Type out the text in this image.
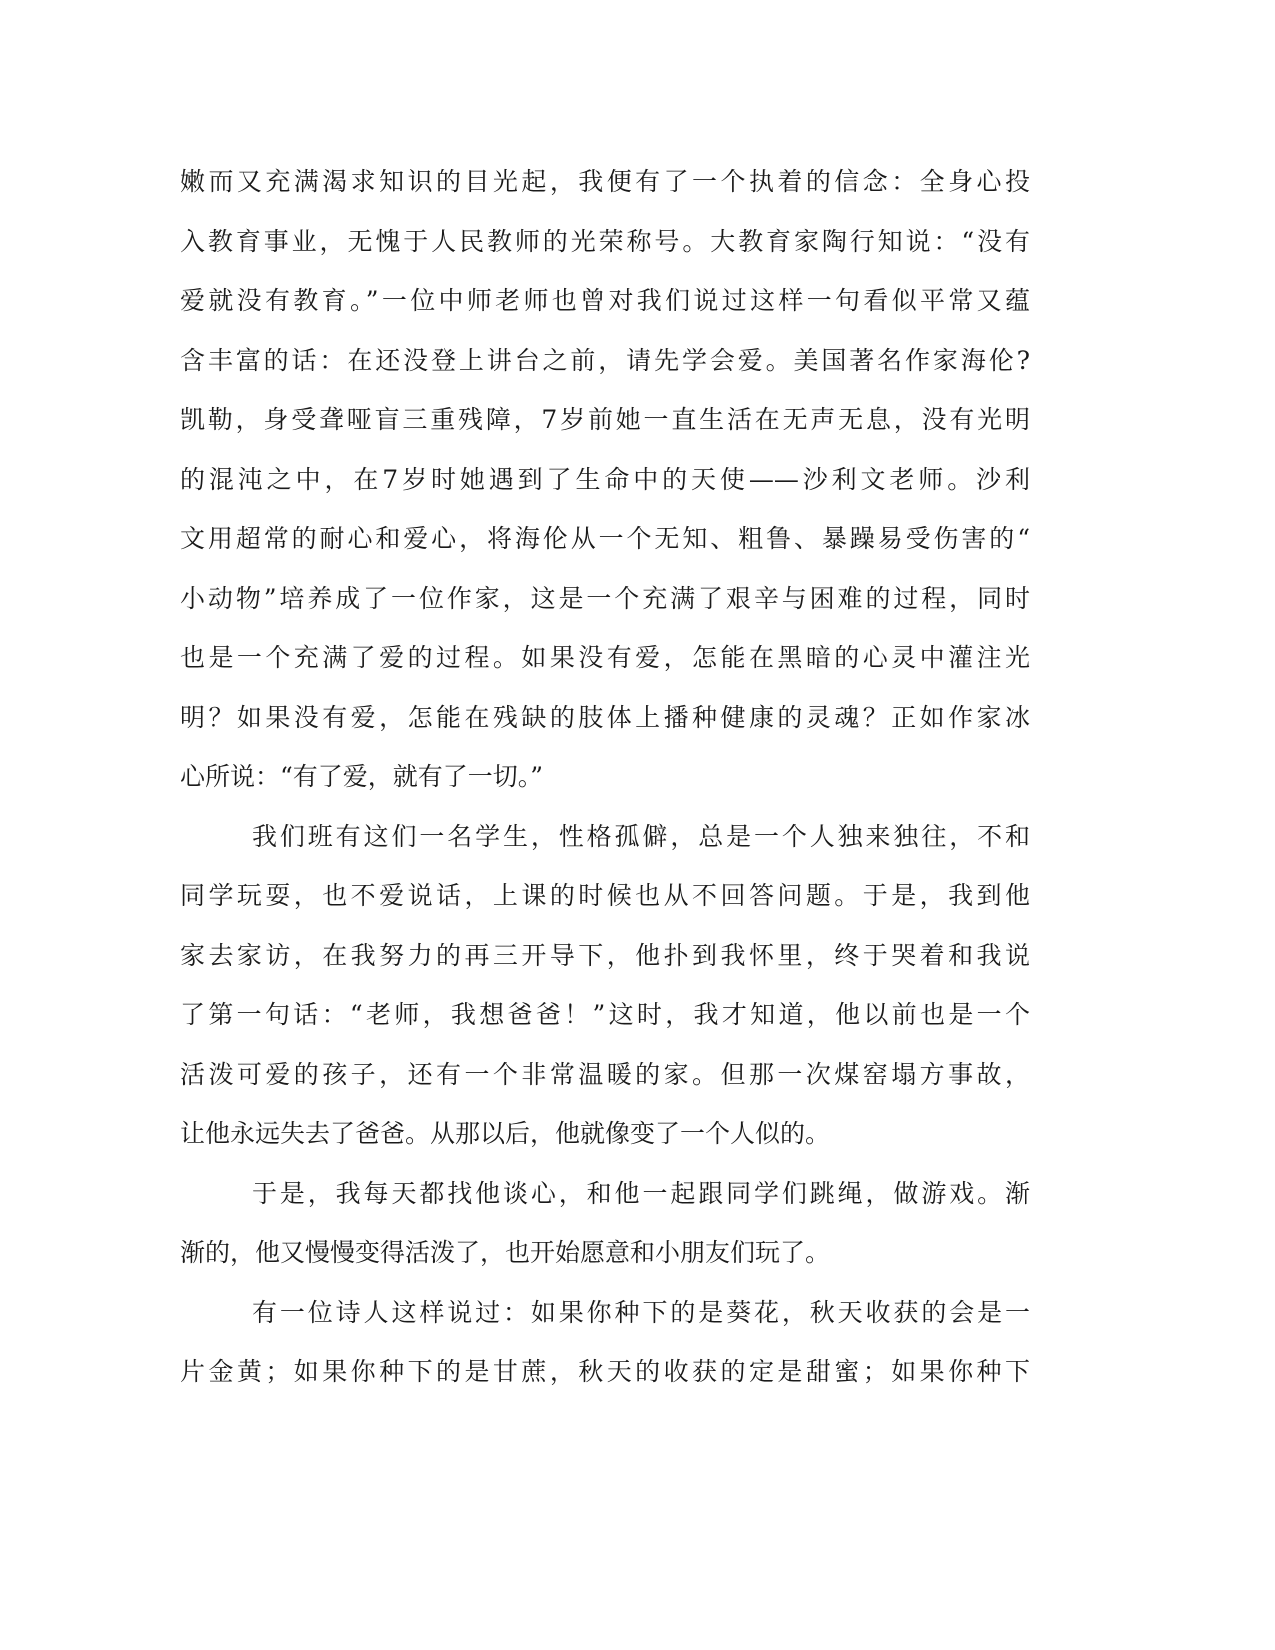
嫩而又充满渴求知识的目光起，我便有了一个执着的信念：全身心投
入教育事业，无愧于人民教师的光荣称号。大教育家陶行知说：“没有
爱就没有教育。”一位中师老师也曾对我们说过这样一句看似平常又蕴
含丰富的话：在还没登上讲台之前，请先学会爱。美国著名作家海伦?
凯勒，身受聋哑盲三重残障，7岁前她一直生活在无声无息，没有光明
的混沌之中，在7岁时她遇到了生命中的天使——沙利文老师。沙利
文用超常的耐心和爱心，将海伦从一个无知、粗鲁、暴躁易受伤害的“
小动物”培养成了一位作家，这是一个充满了艰辛与困难的过程，同时
也是一个充满了爱的过程。如果没有爱，怎能在黑暗的心灵中灌注光
明？如果没有爱，怎能在残缺的肢体上播种健康的灵魂？正如作家冰
心所说：“有了爱，就有了一切。”
我们班有这们一名学生，性格孤僻，总是一个人独来独往，不和
同学玩耍，也不爱说话，上课的时候也从不回答问题。于是，我到他
家去家访，在我努力的再三开导下，他扑到我怀里，终于哭着和我说
了第一句话：“老师，我想爸爸！”这时，我才知道，他以前也是一个
活泼可爱的孩子，还有一个非常温暖的家。但那一次煤窑塌方事故，
让他永远失去了爸爸。从那以后，他就像变了一个人似的。
于是，我每天都找他谈心，和他一起跟同学们跳绳，做游戏。渐
渐的，他又慢慢变得活泼了，也开始愿意和小朋友们玩了。
有一位诗人这样说过：如果你种下的是葵花，秋天收获的会是一
片金黄；如果你种下的是甘蔗，秋天的收获的定是甜蜜；如果你种下
